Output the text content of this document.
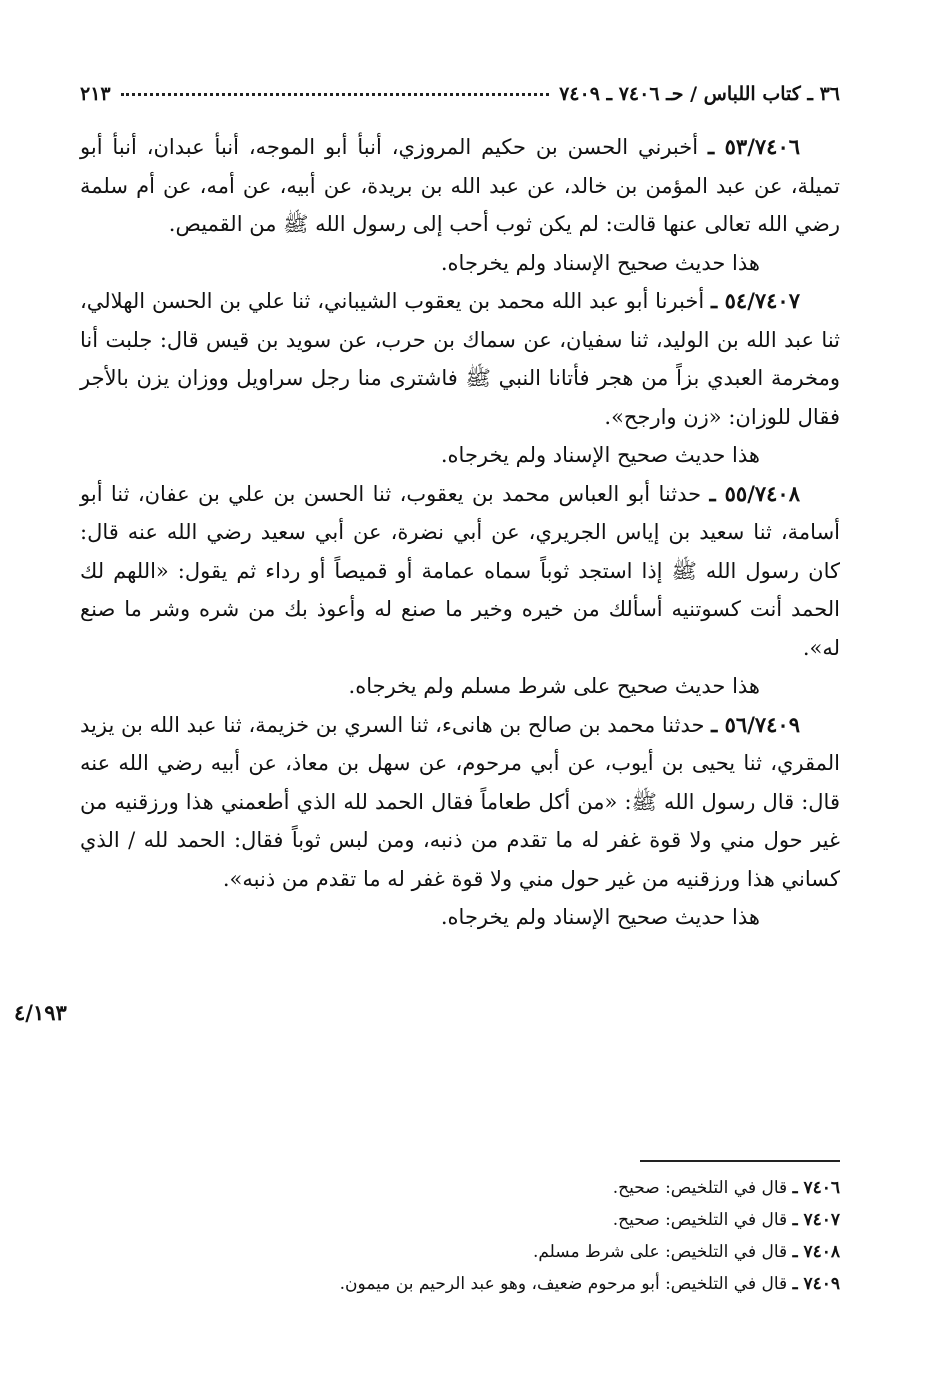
٣٦ ـ كتاب اللباس / حـ ٧٤٠٦ ـ ٧٤٠٩
٢١٣

٥٣/٧٤٠٦ ـ أخبرني الحسن بن حكيم المروزي، أنبأ أبو الموجه، أنبأ عبدان، أنبأ أبو تميلة، عن عبد المؤمن بن خالد، عن عبد الله بن بريدة، عن أبيه، عن أمه، عن أم سلمة رضي الله تعالى عنها قالت: لم يكن ثوب أحب إلى رسول الله ﷺ من القميص.

هذا حديث صحيح الإسناد ولم يخرجاه.

٥٤/٧٤٠٧ ـ أخبرنا أبو عبد الله محمد بن يعقوب الشيباني، ثنا علي بن الحسن الهلالي، ثنا عبد الله بن الوليد، ثنا سفيان، عن سماك بن حرب، عن سويد بن قيس قال: جلبت أنا ومخرمة العبدي بزاً من هجر فأتانا النبي ﷺ فاشترى منا رجل سراويل ووزان يزن بالأجر فقال للوزان: «زن وارجح».

هذا حديث صحيح الإسناد ولم يخرجاه.

٥٥/٧٤٠٨ ـ حدثنا أبو العباس محمد بن يعقوب، ثنا الحسن بن علي بن عفان، ثنا أبو أسامة، ثنا سعيد بن إياس الجريري، عن أبي نضرة، عن أبي سعيد رضي الله عنه قال: كان رسول الله ﷺ إذا استجد ثوباً سماه عمامة أو قميصاً أو رداء ثم يقول: «اللهم لك الحمد أنت كسوتنيه أسألك من خيره وخير ما صنع له وأعوذ بك من شره وشر ما صنع له».

هذا حديث صحيح على شرط مسلم ولم يخرجاه.

٥٦/٧٤٠٩ ـ حدثنا محمد بن صالح بن هانىء، ثنا السري بن خزيمة، ثنا عبد الله بن يزيد المقري، ثنا يحيى بن أيوب، عن أبي مرحوم، عن سهل بن معاذ، عن أبيه رضي الله عنه قال: قال رسول الله ﷺ: «من أكل طعاماً فقال الحمد لله الذي أطعمني هذا ورزقنيه من غير حول مني ولا قوة غفر له ما تقدم من ذنبه، ومن لبس ثوباً فقال: الحمد لله / الذي كساني هذا ورزقنيه من غير حول مني ولا قوة غفر له ما تقدم من ذنبه».

هذا حديث صحيح الإسناد ولم يخرجاه.

٤/١٩٣

٧٤٠٦ ـ قال في التلخيص: صحيح.

٧٤٠٧ ـ قال في التلخيص: صحيح.

٧٤٠٨ ـ قال في التلخيص: على شرط مسلم.

٧٤٠٩ ـ قال في التلخيص: أبو مرحوم ضعيف، وهو عبد الرحيم بن ميمون.
